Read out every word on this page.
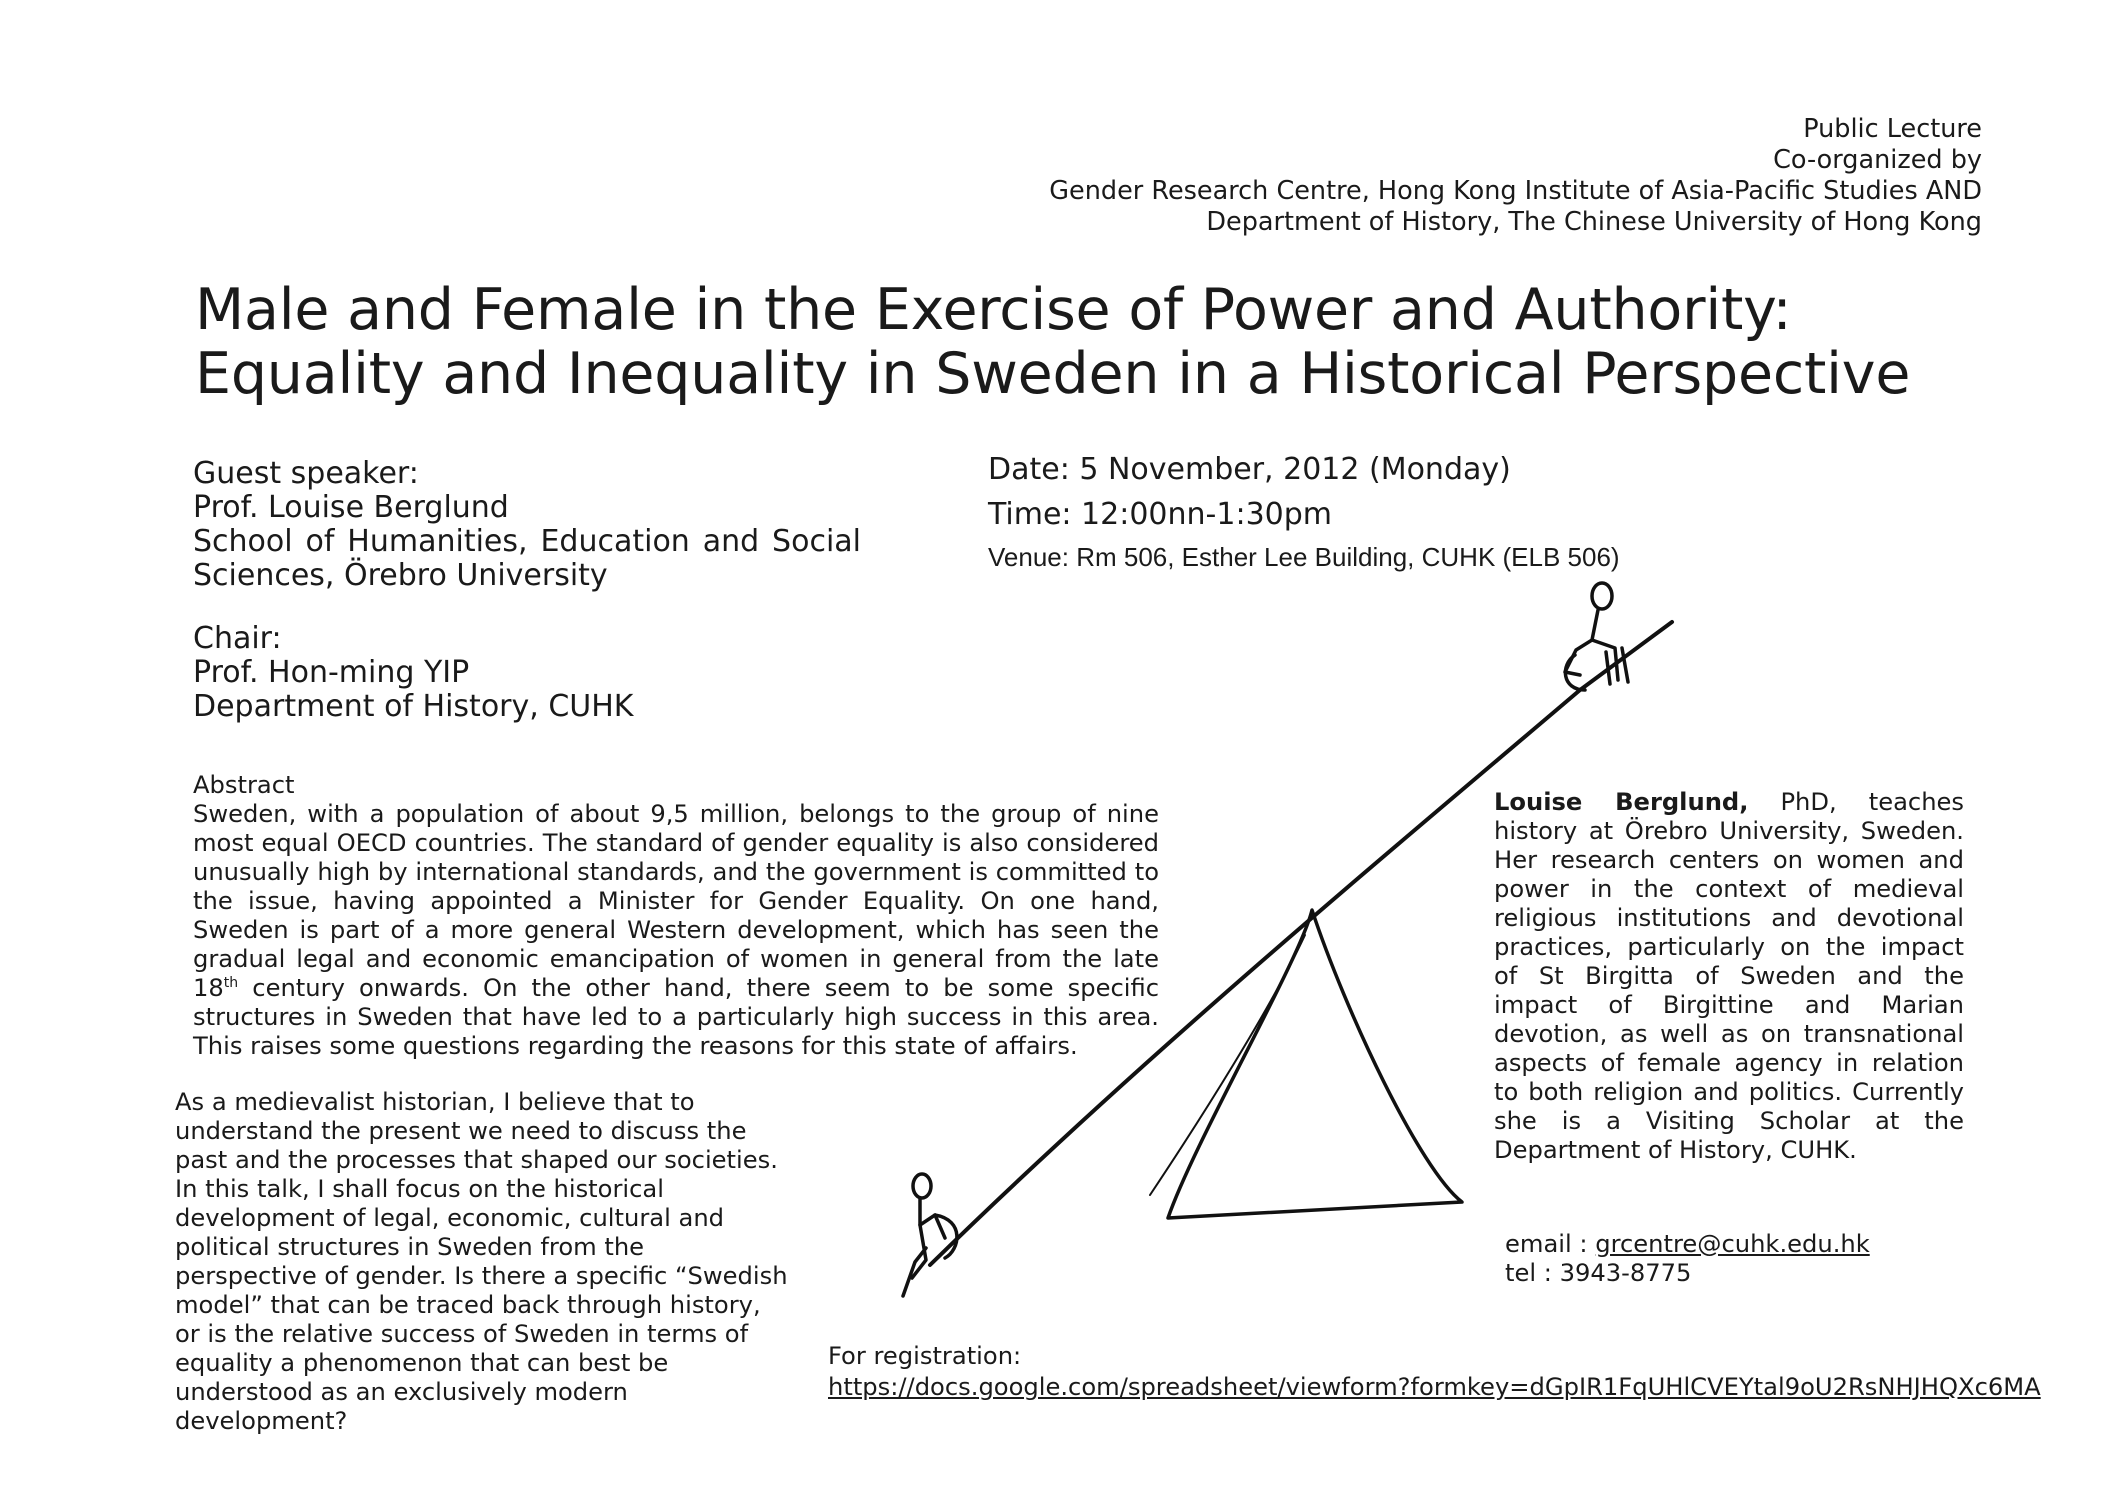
Public Lecture
Co-organized by
Gender Research Centre, Hong Kong Institute of Asia-Pacific Studies AND
Department of History, The Chinese University of Hong Kong
Male and Female in the Exercise of Power and Authority:
Equality and Inequality in Sweden in a Historical Perspective
Guest speaker:
Prof. Louise Berglund
School of Humanities, Education and Social Sciences, Örebro University
Chair:
Prof. Hon-ming YIP
Department of History, CUHK
Date: 5 November, 2012 (Monday)
Time: 12:00nn-1:30pm
Venue: Rm 506, Esther Lee Building, CUHK (ELB 506)
Abstract
Sweden, with a population of about 9,5 million, belongs to the group of nine most equal OECD countries. The standard of gender equality is also considered unusually high by international standards, and the government is committed to the issue, having appointed a Minister for Gender Equality. On one hand, Sweden is part of a more general Western development, which has seen the gradual legal and economic emancipation of women in general from the late 18th century onwards. On the other hand, there seem to be some specific structures in Sweden that have led to a particularly high success in this area. This raises some questions regarding the reasons for this state of affairs.
As a medievalist historian, I believe that to understand the present we need to discuss the past and the processes that shaped our societies. In this talk, I shall focus on the historical development of legal, economic, cultural and political structures in Sweden from the perspective of gender. Is there a specific “Swedish model” that can be traced back through history, or is the relative success of Sweden in terms of equality a phenomenon that can best be understood as an exclusively modern development?
Louise Berglund, PhD, teaches history at Örebro University, Sweden. Her research centers on women and power in the context of medieval religious institutions and devotional practices, particularly on the impact of St Birgitta of Sweden and the impact of Birgittine and Marian devotion, as well as on transnational aspects of female agency in relation to both religion and politics. Currently she is a Visiting Scholar at the Department of History, CUHK.
email : grcentre@cuhk.edu.hk
tel : 3943-8775
For registration:
https://docs.google.com/spreadsheet/viewform?formkey=dGpIR1FqUHlCVEYtal9oU2RsNHJHQXc6MA
